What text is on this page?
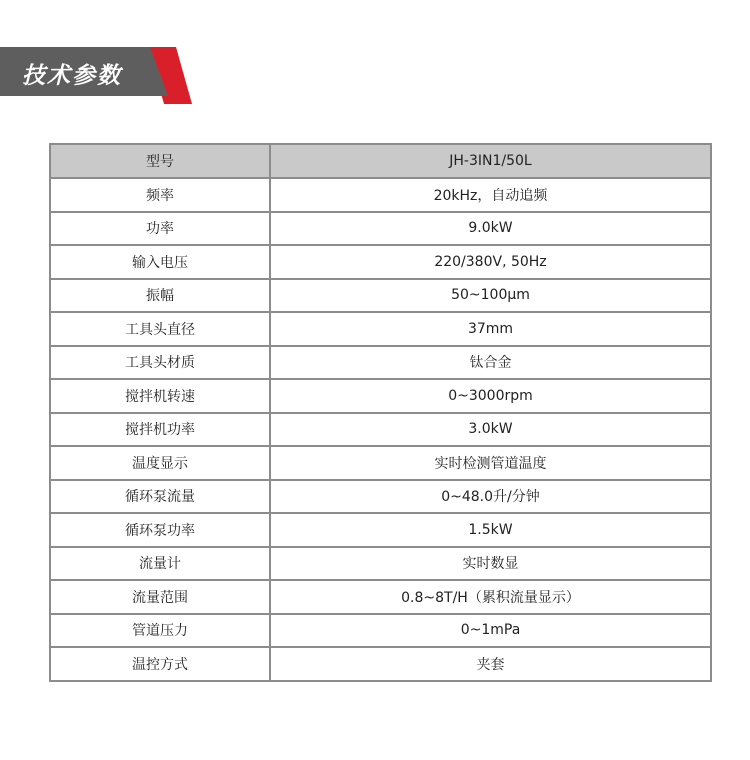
技术参数
型号	JH-3IN1/50L
频率	20kHz，自动追频
功率	9.0kW
输入电压	220/380V, 50Hz
振幅	50~100μm
工具头直径	37mm
工具头材质	钛合金
搅拌机转速	0~3000rpm
搅拌机功率	3.0kW
温度显示	实时检测管道温度
循环泵流量	0~48.0升/分钟
循环泵功率	1.5kW
流量计	实时数显
流量范围	0.8~8T/H（累积流量显示）
管道压力	0~1mPa
温控方式	夹套
